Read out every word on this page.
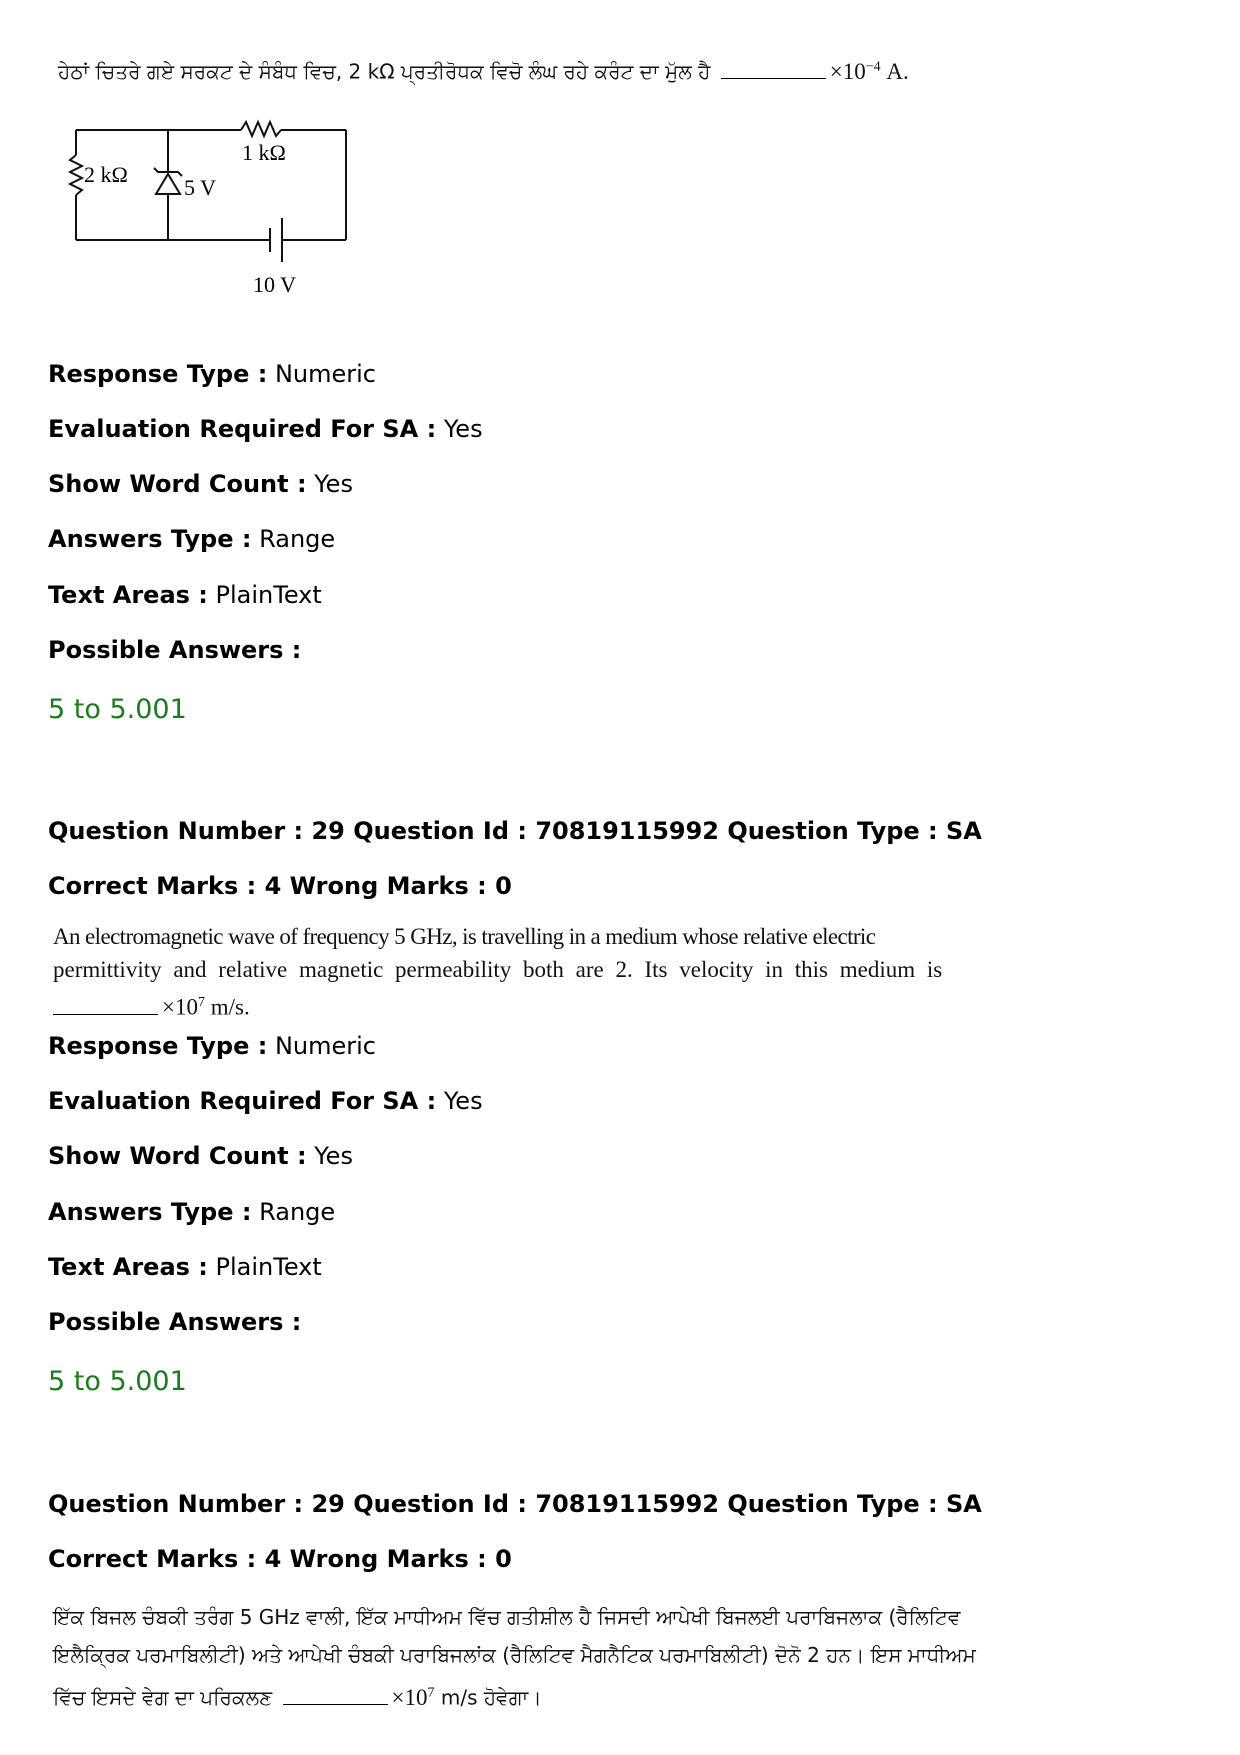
ਹੇਠਾਂ ਚਿਤਰੇ ਗਏ ਸਰਕਟ ਦੇ ਸੰਬੰਧ ਵਿਚ, 2 kΩ ਪ੍ਰਤੀਰੋਧਕ ਵਿਚੋ ਲੰਘ ਰਹੇ ਕਰੰਟ ਦਾ ਮੁੱਲ ਹੈ	$\times 10^{-4}$ A.
2 kΩ
1 kΩ
5 V
10 V
Response Type : Numeric
Evaluation Required For SA : Yes
Show Word Count : Yes
Answers Type : Range
Text Areas : PlainText
Possible Answers :
5 to 5.001
Question Number : 29 Question Id : 70819115992 Question Type : SA
Correct Marks : 4 Wrong Marks : 0
An electromagnetic wave of frequency 5 GHz, is travelling in a medium whose relative electric
permittivity and relative magnetic permeability both are 2. Its velocity in this medium is
$\times 10^7$ m/s.
Response Type : Numeric
Evaluation Required For SA : Yes
Show Word Count : Yes
Answers Type : Range
Text Areas : PlainText
Possible Answers :
5 to 5.001
Question Number : 29 Question Id : 70819115992 Question Type : SA
Correct Marks : 4 Wrong Marks : 0
ਇੱਕ ਬਿਜਲ ਚੰਬਕੀ ਤਰੰਗ 5 GHz ਵਾਲੀ, ਇੱਕ ਮਾਧੀਅਮ ਵਿੱਚ ਗਤੀਸ਼ੀਲ ਹੈ ਜਿਸਦੀ ਆਪੇਖੀ ਬਿਜਲਈ ਪਰਾਬਿਜਲਾਕ (ਰੈਲਿਟਿਵ
ਇਲੈਕ੍ਰਿਕ ਪਰਮਾਬਿਲੀਟੀ) ਅਤੇ ਆਪੇਖੀ ਚੰਬਕੀ ਪਰਾਬਿਜਲਾਂਕ (ਰੈਲਿਟਿਵ ਮੈਗਨੈਟਿਕ ਪਰਮਾਬਿਲੀਟੀ) ਦੋਨੋ 2 ਹਨ। ਇਸ ਮਾਧੀਅਮ
ਵਿੱਚ ਇਸਦੇ ਵੇਗ ਦਾ ਪਰਿਕਲਣ	$\times 10^7$ m/s ਹੋਵੇਗਾ।
